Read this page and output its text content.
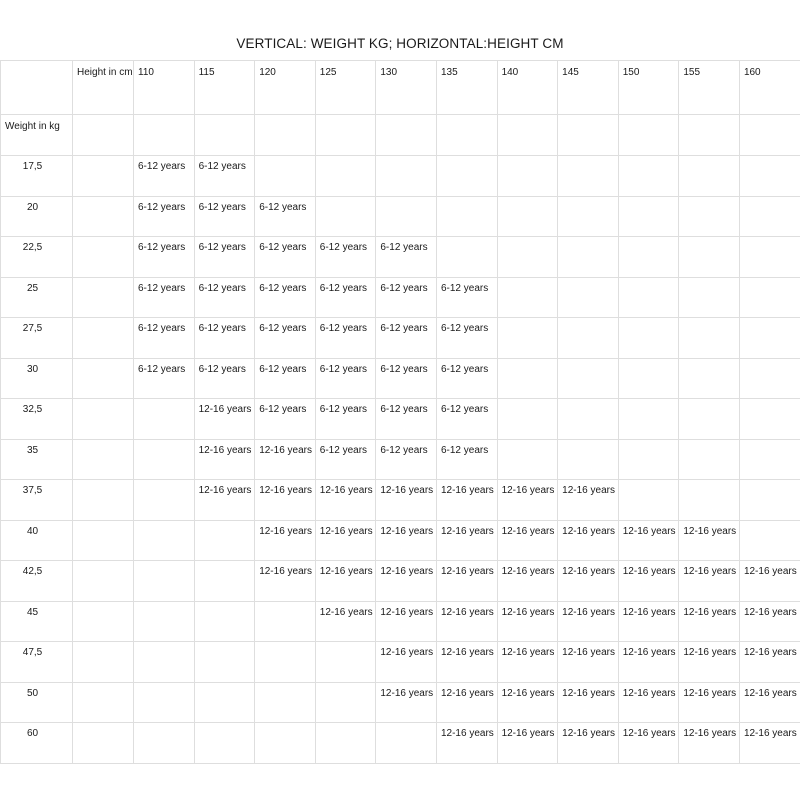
VERTICAL: WEIGHT KG; HORIZONTAL:HEIGHT CM
	Height in cm	110	115	120	125	130	135	140	145	150	155	160
Weight in kg												
17,5		6-12 years	6-12 years									
20		6-12 years	6-12 years	6-12 years								
22,5		6-12 years	6-12 years	6-12 years	6-12 years	6-12 years						
25		6-12 years	6-12 years	6-12 years	6-12 years	6-12 years	6-12 years					
27,5		6-12 years	6-12 years	6-12 years	6-12 years	6-12 years	6-12 years					
30		6-12 years	6-12 years	6-12 years	6-12 years	6-12 years	6-12 years					
32,5			12-16 years	6-12 years	6-12 years	6-12 years	6-12 years					
35			12-16 years	12-16 years	6-12 years	6-12 years	6-12 years					
37,5			12-16 years	12-16 years	12-16 years	12-16 years	12-16 years	12-16 years	12-16 years			
40				12-16 years	12-16 years	12-16 years	12-16 years	12-16 years	12-16 years	12-16 years	12-16 years	
42,5				12-16 years	12-16 years	12-16 years	12-16 years	12-16 years	12-16 years	12-16 years	12-16 years	12-16 years
45					12-16 years	12-16 years	12-16 years	12-16 years	12-16 years	12-16 years	12-16 years	12-16 years
47,5						12-16 years	12-16 years	12-16 years	12-16 years	12-16 years	12-16 years	12-16 years
50						12-16 years	12-16 years	12-16 years	12-16 years	12-16 years	12-16 years	12-16 years
60							12-16 years	12-16 years	12-16 years	12-16 years	12-16 years	12-16 years
